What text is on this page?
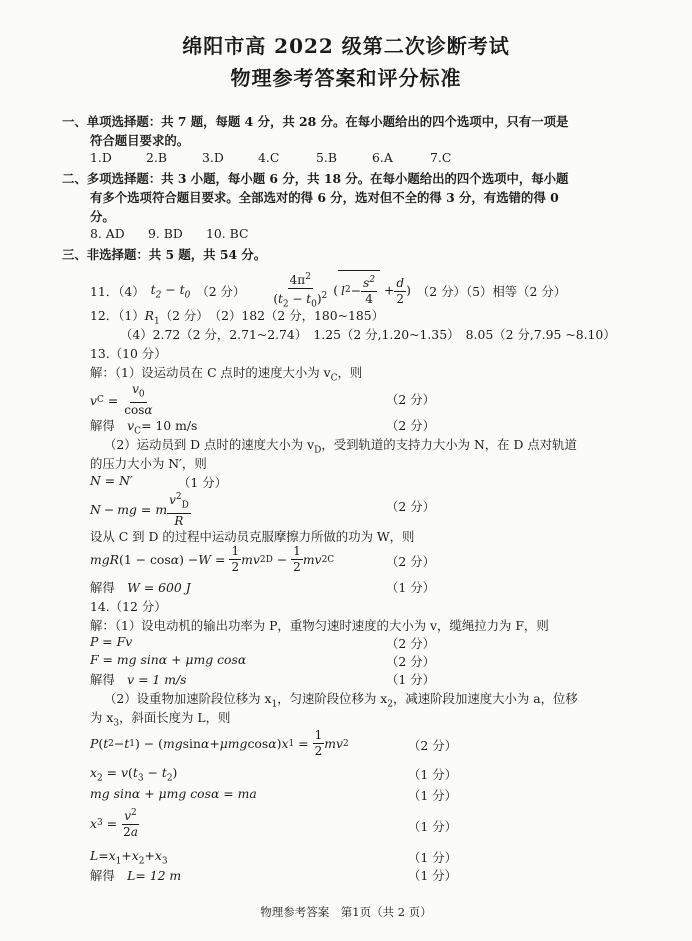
绵阳市高 2022 级第二次诊断考试
物理参考答案和评分标准
一、单项选择题：共 7 题，每题 4 分，共 28 分。在每小题给出的四个选项中，只有一项是
符合题目要求的。
1.D	2.B	3.D	4.C	5.B	6.A	7.C
二、多项选择题：共 3 小题，每小题 6 分，共 18 分。在每小题给出的四个选项中，每小题
有多个选项符合题目要求。全部选对的得 6 分，选对但不全的得 3 分，有选错的得 0
分。
8. AD 9. BD 10. BC
三、非选择题：共 5 题，共 54 分。
11．（4） $t_2 - t_0$ （2 分） $\frac{4\pi^2}{(t_2 - t_0)^2}$ ( l $2 - \frac{s^2}{4} + \frac{d}{2}$ ) （2 分）（5）相等（2 分）
12．$(1)R_1(2$ 分）　（2）182（2 分，180~185）
（4）2.72（2 分，2.71~2.74）　1.25（2 分,1.20~1.35）　8.05（2 分,7.95 ~8.10）
13.（10 分）
解：（1）设运动员在 C 点时的速度大小为 $v_C$，则
v $C = \frac{v_0}{\cos\alpha}$	（2 分）
解得　 $v_C= 10$ m/s	（2 分）
（2）运动员到 D 点时的速度大小为 $v_D$，受到轨道的支持力大小为 N，在 D 点对轨道
的压力大小为 N′，则
N = N′	（1 分）
N − mg = m $\frac{v^2_D}{R}$	（2 分）
设从 C 到 D 的过程中运动员克服摩擦力所做的功为 W，则
mgR (1 − cos α ) − $W = \frac{1}{2}$ mv 2 $D - \frac{1}{2}$ mv 2 C	（2 分）
解得　 W = 600 J	（1 分）
14.（12 分）
解：（1）设电动机的输出功率为 P，重物匀速时速度的大小为 v，缆绳拉力为 F，则
P = Fv	（2 分）
F = mg sinα + μmg cosα	（2 分）
解得　 v = 1 m/s	（1 分）
（2）设重物加速阶段位移为 $x_1$，匀速阶段位移为 $x_2$，减速阶段加速度大小为 a，位移
为 $x_3$，斜面长度为 L，则
P ( t 2 − t 1 ) − ( mg sin α + μmg cos α ) x $1 = \frac{1}{2}$ mv 2	（2 分）
$x_2 = v(t_3 - t_2)$	（1 分）
mg sinα + μmg cosα = ma	（1 分）
x $3 = \frac{v^2}{2a}$	（1 分）
$L=x_1+x_2+x_3$	（1 分）
解得　 L= 12 m	（1 分）
物理参考答案　第1页（共 2 页）
